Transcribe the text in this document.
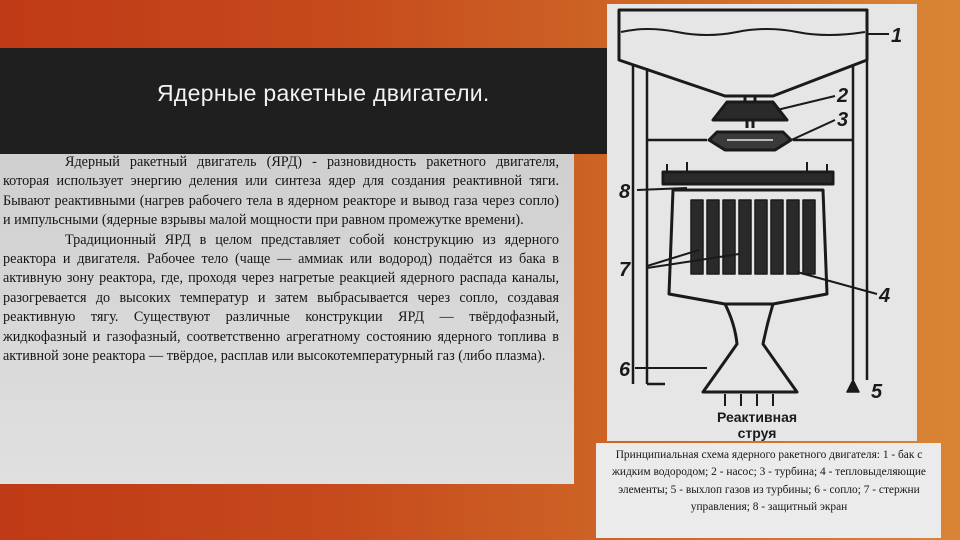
Ядерные ракетные двигатели.

Ядерный ракетный двигатель (ЯРД) - разновидность ракетного двигателя, которая использует энергию деления или синтеза ядер для создания реактивной тяги. Бывают реактивными (нагрев рабочего тела в ядерном реакторе и вывод газа через сопло) и импульсными (ядерные взрывы малой мощности при равном промежутке времени).

Традиционный ЯРД в целом представляет собой конструкцию из ядерного реактора и двигателя. Рабочее тело (чаще — аммиак или водород) подаётся из бака в активную зону реактора, где, проходя через нагретые реакцией ядерного распада каналы, разогревается до высоких температур и затем выбрасывается через сопло, создавая реактивную тягу. Существуют различные конструкции ЯРД — твёрдофазный, жидкофазный и газофазный, соответственно агрегатному состоянию ядерного топлива в активной зоне реактора — твёрдое, расплав или высокотемпературный газ (либо плазма).

1
2
3
8
7
4
6
5
Реактивная
струя
Принципиальная схема ядерного ракетного двигателя: 1 - бак с жидким водородом; 2 - насос; 3 - турбина; 4 - тепловыделяющие элементы; 5 - выхлоп газов из турбины; 6 - сопло; 7 - стержни управления; 8 - защитный экран
